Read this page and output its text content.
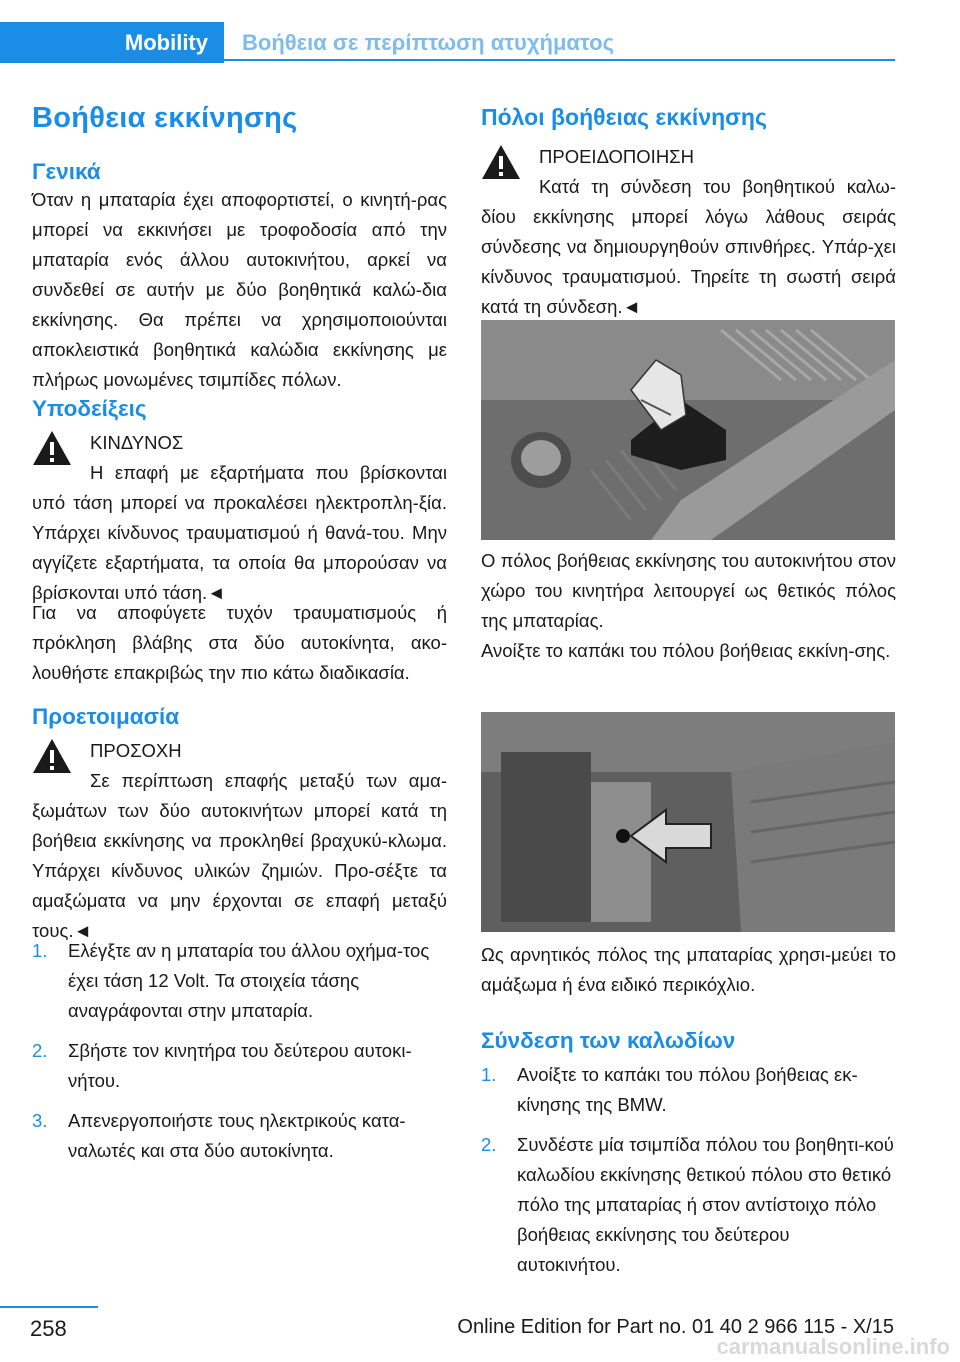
Mobility	Βοήθεια σε περίπτωση ατυχήματος
Βοήθεια εκκίνησης
Γενικά

Όταν η μπαταρία έχει αποφορτιστεί, ο κινητή‐ρας μπορεί να εκκινήσει με τροφοδοσία από την μπαταρία ενός άλλου αυτοκινήτου, αρκεί να συνδεθεί σε αυτήν με δύο βοηθητικά καλώ‐δια εκκίνησης. Θα πρέπει να χρησιμοποιούνται αποκλειστικά βοηθητικά καλώδια εκκίνησης με πλήρως μονωμένες τσιμπίδες πόλων.

Υποδείξεις
ΚΙΝΔΥΝΟΣ
Η επαφή με εξαρτήματα που βρίσκονται υπό τάση μπορεί να προκαλέσει ηλεκτροπλη‐ξία. Υπάρχει κίνδυνος τραυματισμού ή θανά‐του. Μην αγγίζετε εξαρτήματα, τα οποία θα μπορούσαν να βρίσκονται υπό τάση.◄

Για να αποφύγετε τυχόν τραυματισμούς ή πρόκληση βλάβης στα δύο αυτοκίνητα, ακο‐λουθήστε επακριβώς την πιο κάτω διαδικασία.

Προετοιμασία
ΠΡΟΣΟΧΗ
Σε περίπτωση επαφής μεταξύ των αμα‐ξωμάτων των δύο αυτοκινήτων μπορεί κατά τη βοήθεια εκκίνησης να προκληθεί βραχυκύ‐κλωμα. Υπάρχει κίνδυνος υλικών ζημιών. Προ‐σέξτε τα αμαξώματα να μην έρχονται σε επαφή μεταξύ τους.◄
1. Ελέγξτε αν η μπαταρία του άλλου οχήμα‐τος έχει τάση 12 Volt. Τα στοιχεία τάσης αναγράφονται στην μπαταρία.
2. Σβήστε τον κινητήρα του δεύτερου αυτοκι‐νήτου.
3. Απενεργοποιήστε τους ηλεκτρικούς κατα‐ναλωτές και στα δύο αυτοκίνητα.
Πόλοι βοήθειας εκκίνησης
ΠΡΟΕΙΔΟΠΟΙΗΣΗ
Κατά τη σύνδεση του βοηθητικού καλω‐δίου εκκίνησης μπορεί λόγω λάθους σειράς σύνδεσης να δημιουργηθούν σπινθήρες. Υπάρ‐χει κίνδυνος τραυματισμού. Τηρείτε τη σωστή σειρά κατά τη σύνδεση.◄

Ο πόλος βοήθειας εκκίνησης του αυτοκινήτου στον χώρο του κινητήρα λειτουργεί ως θετικός πόλος της μπαταρίας.

Ανοίξτε το καπάκι του πόλου βοήθειας εκκίνη‐σης.

Ως αρνητικός πόλος της μπαταρίας χρησι‐μεύει το αμάξωμα ή ένα ειδικό περικόχλιο.

Σύνδεση των καλωδίων
1. Ανοίξτε το καπάκι του πόλου βοήθειας εκ‐κίνησης της BMW.
2. Συνδέστε μία τσιμπίδα πόλου του βοηθητι‐κού καλωδίου εκκίνησης θετικού πόλου στο θετικό πόλο της μπαταρίας ή στον αντίστοιχο πόλο βοήθειας εκκίνησης του δεύτερου αυτοκινήτου.
258	Online Edition for Part no. 01 40 2 966 115 - X/15
carmanualsonline.info
